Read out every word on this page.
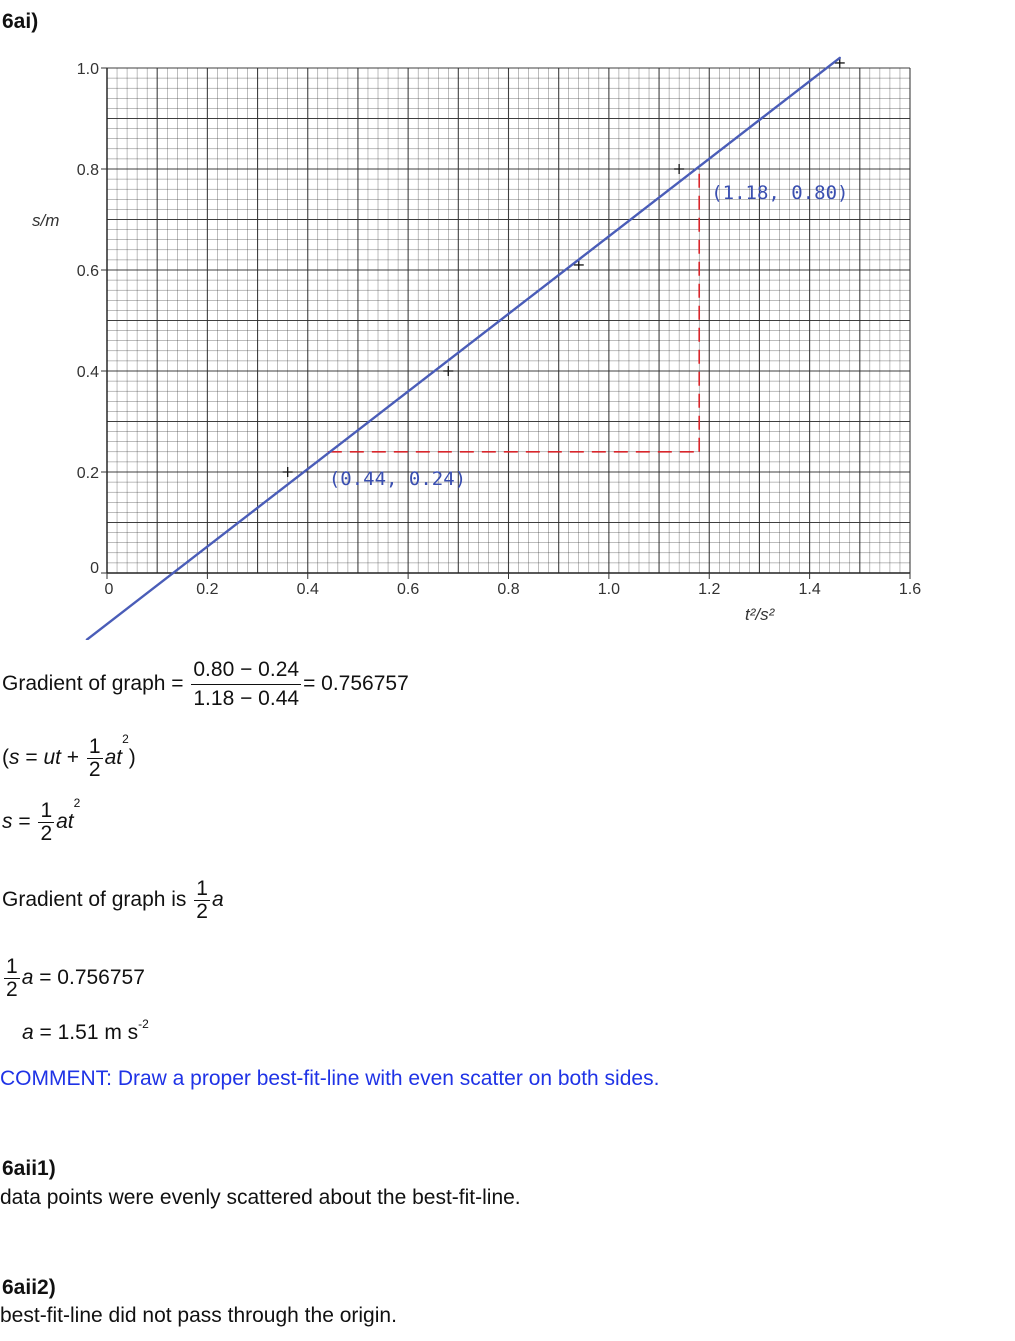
6ai)
0	0.2	0.4	0.6	0.8	1.0	1.2	1.4	1.6
0
0.2
0.4
0.6
0.8
1.0
(0.44, 0.24)
(1.18, 0.80)
s/m
t²/s²
Gradient of graph = $\frac{0.80 - 0.24}{1.18 - 0.44} = 0.756757$
(s = ut + $\frac{1}{2} at^2$)
$s = \frac{1}{2} at^2$
Gradient of graph is $\frac{1}{2}$ a
$\frac{1}{2}$ a = 0.756757
a = 1.51 m $s^{-2}$
COMMENT: Draw a proper best-fit-line with even scatter on both sides.
6aii1)
data points were evenly scattered about the best-fit-line.
6aii2)
best-fit-line did not pass through the origin.
